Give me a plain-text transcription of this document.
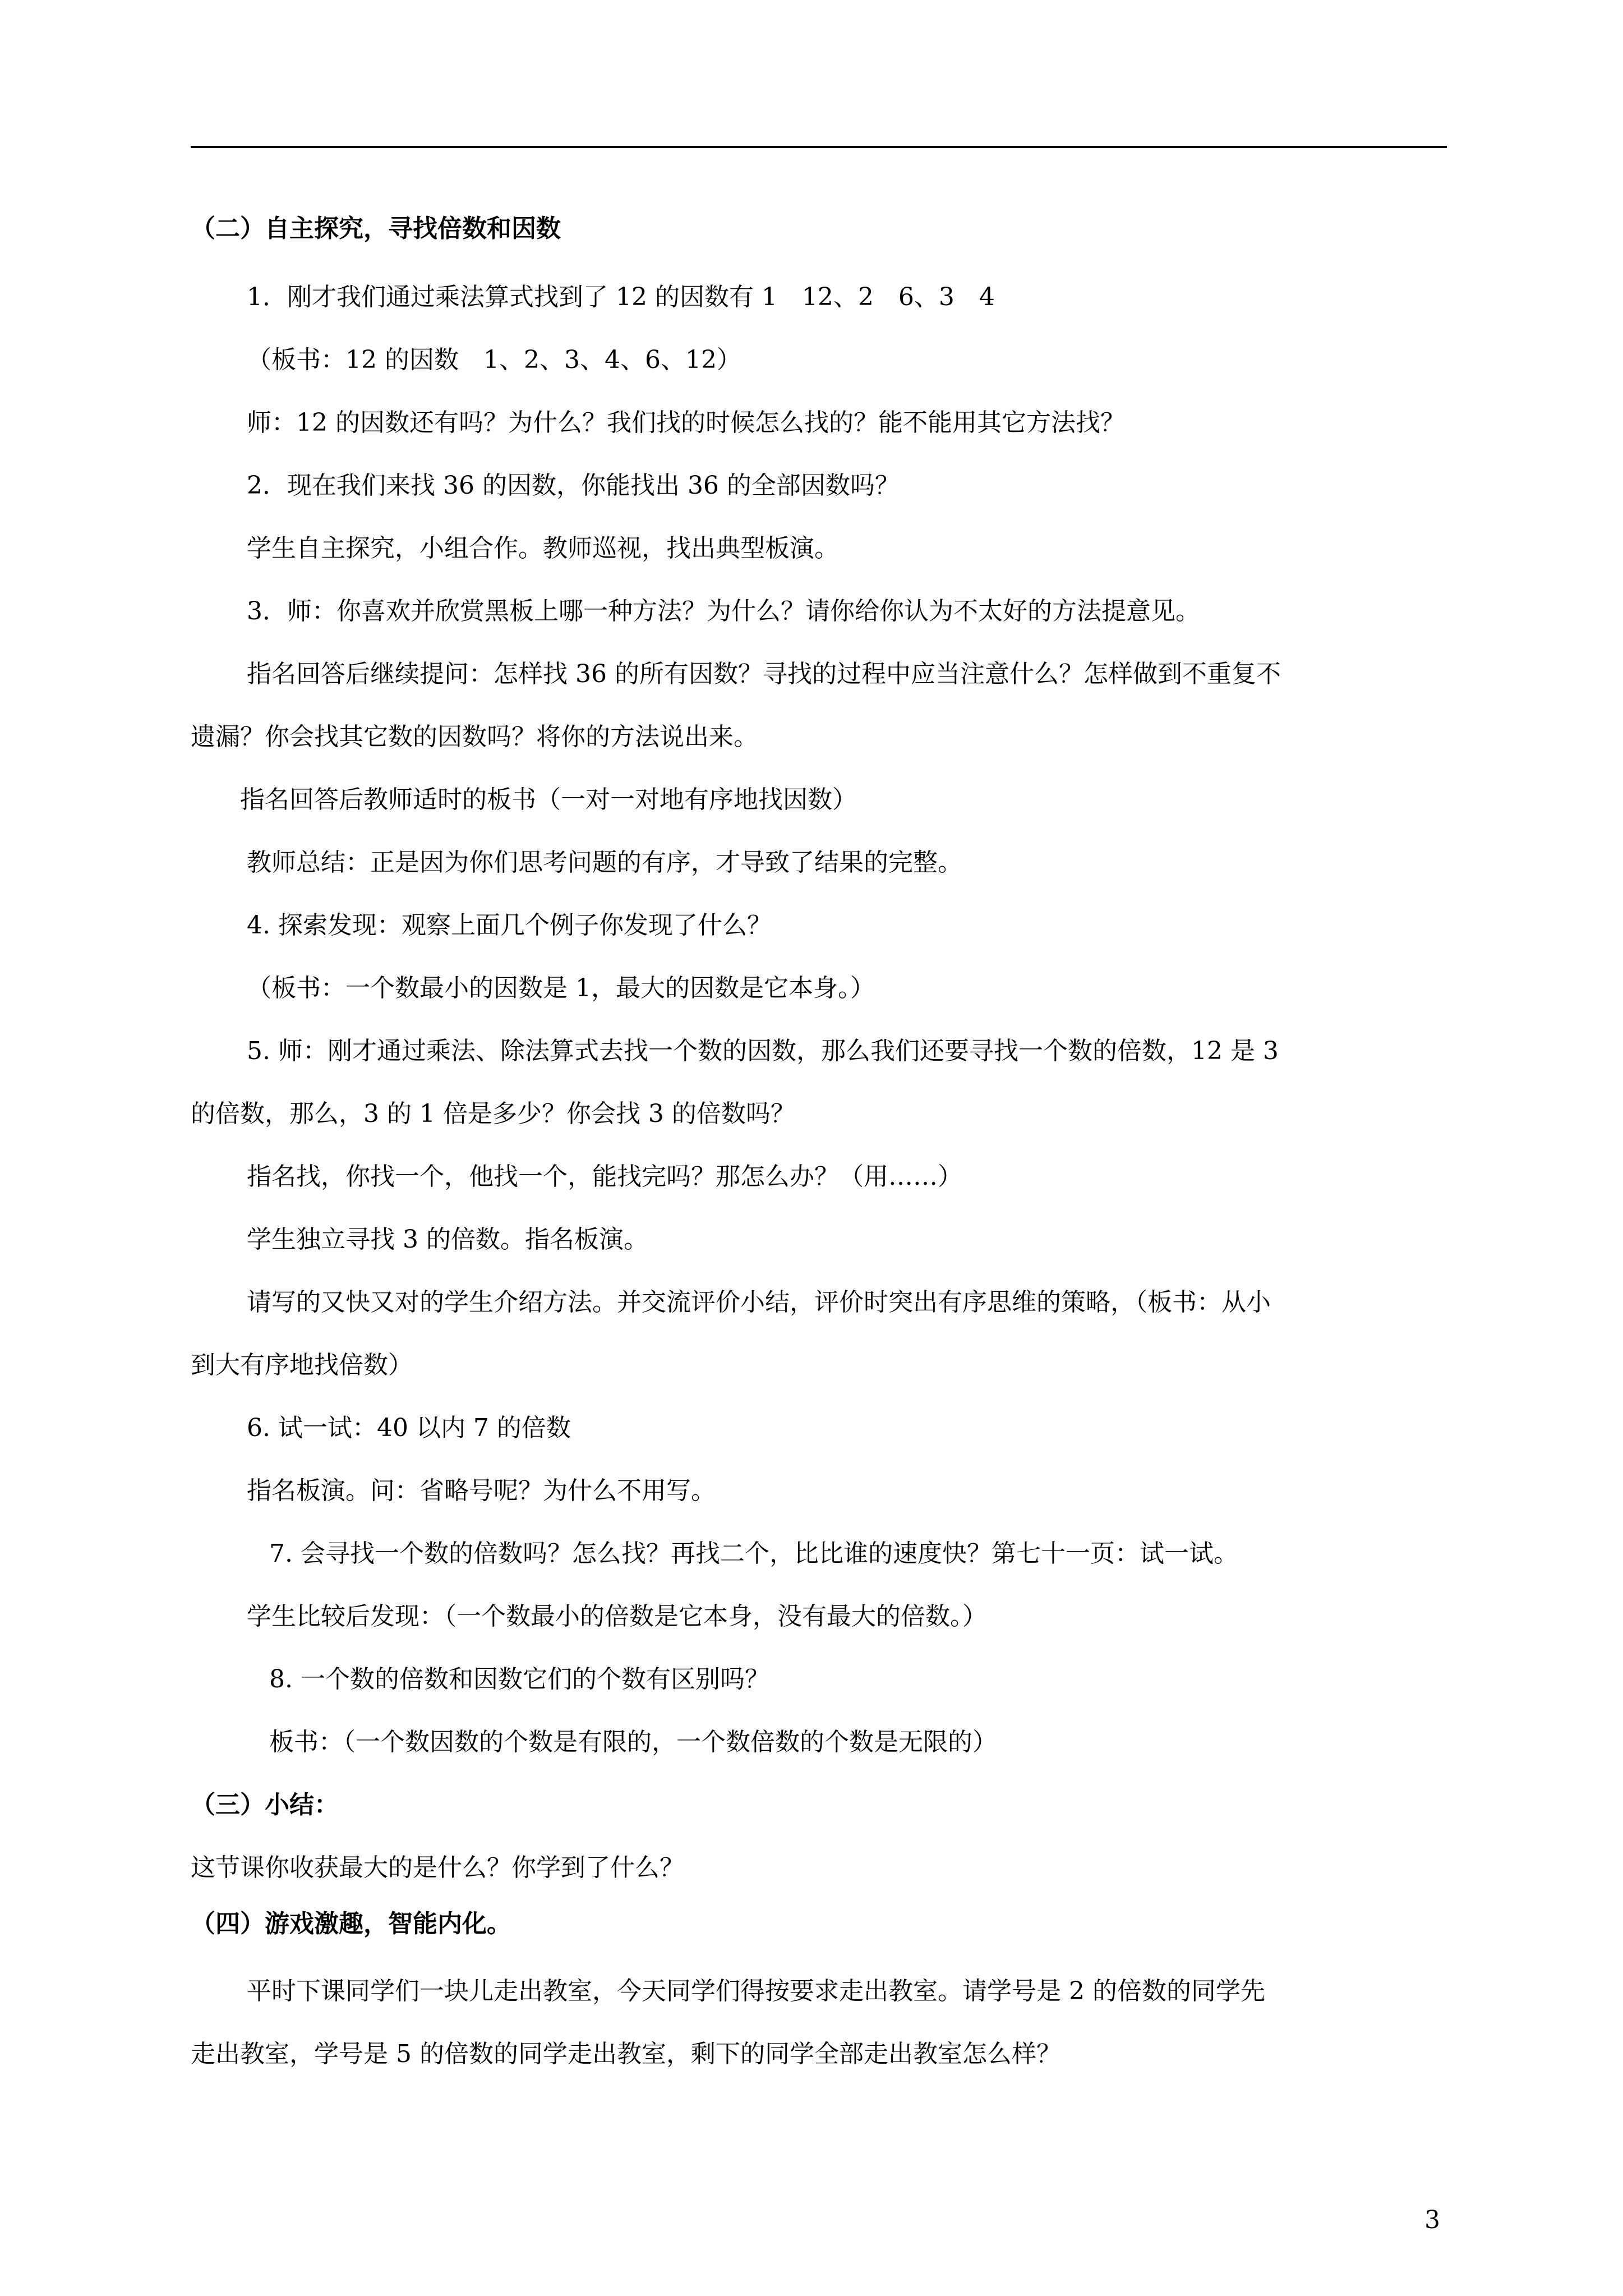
（二）自主探究，寻找倍数和因数
1．刚才我们通过乘法算式找到了 12 的因数有 1　12、2　6、3　4
（板书：12 的因数　1、2、3、4、6、12）
师：12 的因数还有吗？为什么？我们找的时候怎么找的？能不能用其它方法找？
2．现在我们来找 36 的因数，你能找出 36 的全部因数吗？
学生自主探究，小组合作。教师巡视，找出典型板演。
3．师：你喜欢并欣赏黑板上哪一种方法？为什么？请你给你认为不太好的方法提意见。
指名回答后继续提问：怎样找 36 的所有因数？寻找的过程中应当注意什么？怎样做到不重复不
遗漏？你会找其它数的因数吗？将你的方法说出来。
指名回答后教师适时的板书（一对一对地有序地找因数）
教师总结：正是因为你们思考问题的有序，才导致了结果的完整。
4. 探索发现：观察上面几个例子你发现了什么？
（板书：一个数最小的因数是 1，最大的因数是它本身。）
5. 师：刚才通过乘法、除法算式去找一个数的因数，那么我们还要寻找一个数的倍数，12 是 3
的倍数，那么，3 的 1 倍是多少？你会找 3 的倍数吗？
指名找，你找一个，他找一个，能找完吗？那怎么办？（用……）
学生独立寻找 3 的倍数。指名板演。
请写的又快又对的学生介绍方法。并交流评价小结，评价时突出有序思维的策略，（板书：从小
到大有序地找倍数）
6. 试一试：40 以内 7 的倍数
指名板演。问：省略号呢？为什么不用写。
7. 会寻找一个数的倍数吗？怎么找？再找二个，比比谁的速度快？第七十一页：试一试。
学生比较后发现：（一个数最小的倍数是它本身，没有最大的倍数。）
8. 一个数的倍数和因数它们的个数有区别吗？
板书：（一个数因数的个数是有限的，一个数倍数的个数是无限的）
（三）小结：
这节课你收获最大的是什么？你学到了什么？
（四）游戏激趣，智能内化。
平时下课同学们一块儿走出教室，今天同学们得按要求走出教室。请学号是 2 的倍数的同学先
走出教室，学号是 5 的倍数的同学走出教室，剩下的同学全部走出教室怎么样？
3
